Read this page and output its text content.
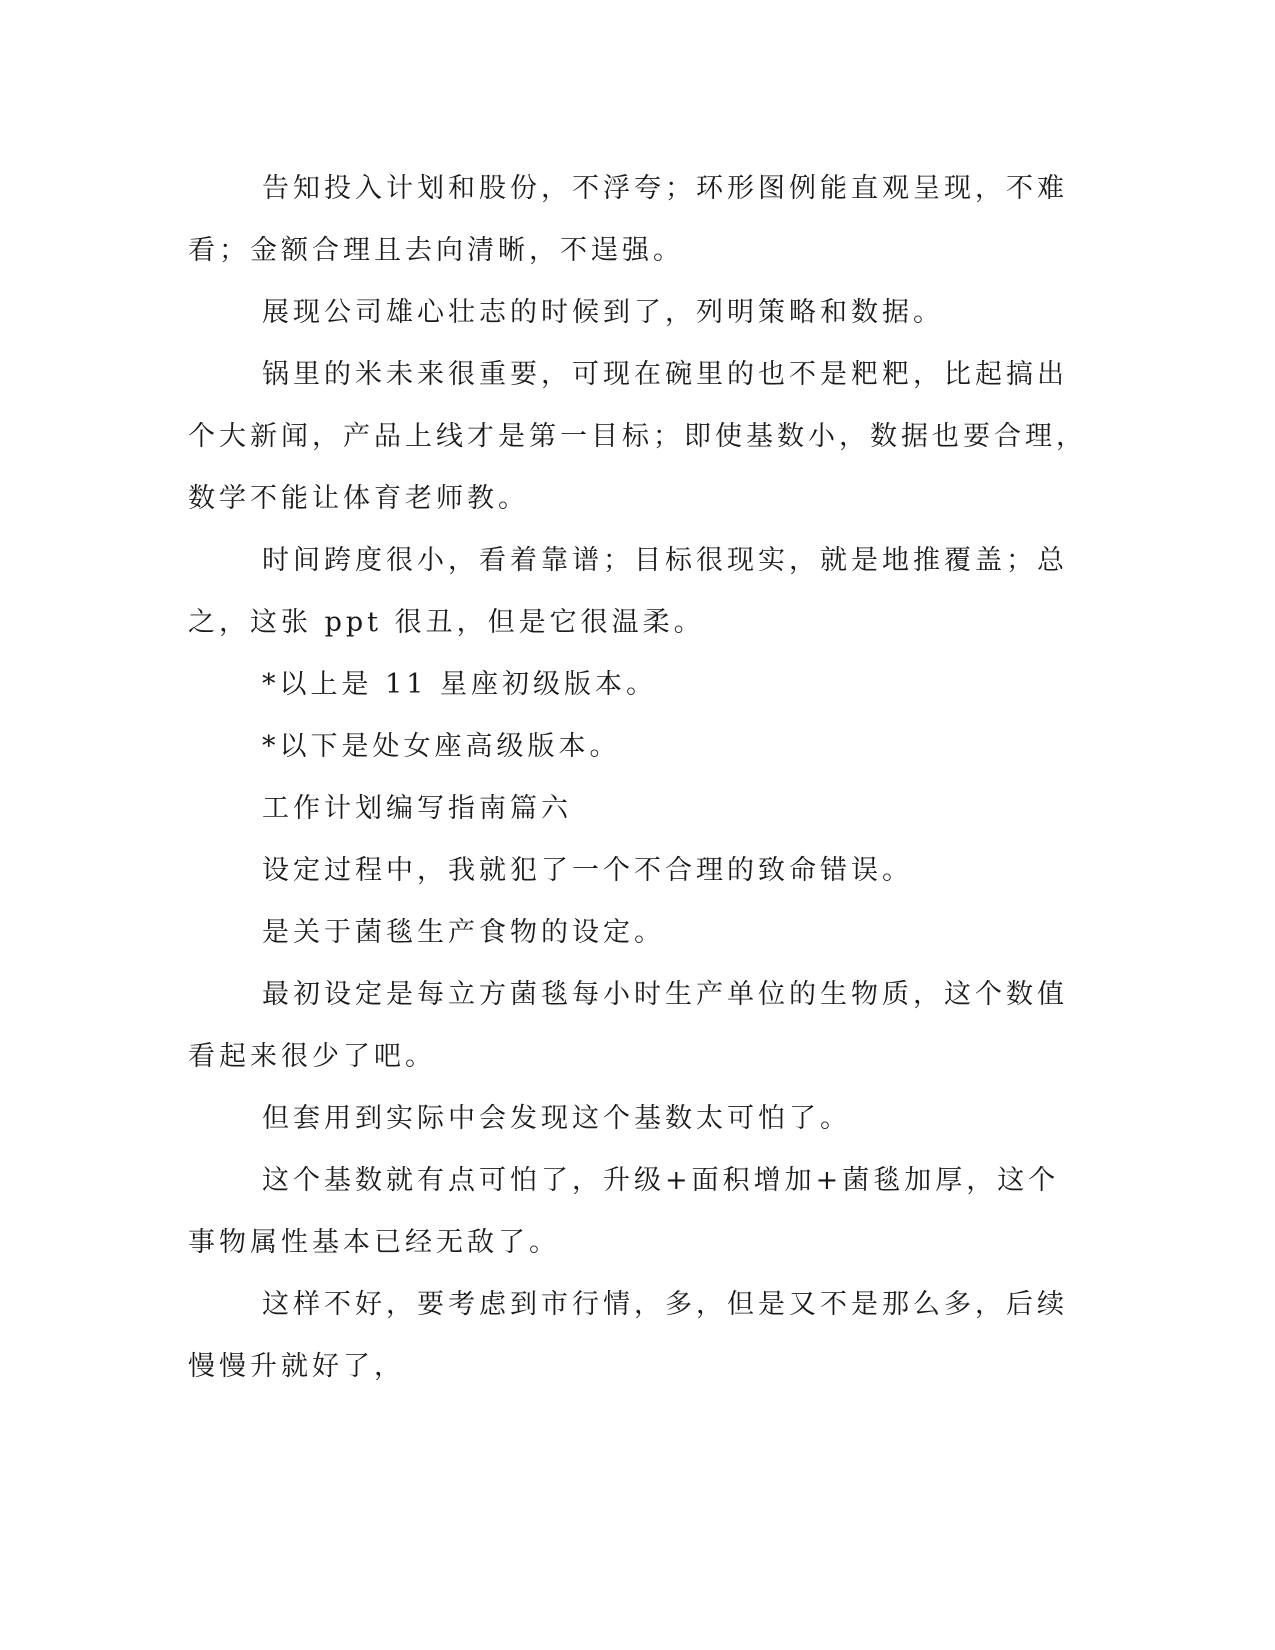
告知投入计划和股份，不浮夸；环形图例能直观呈现，不难看；金额合理且去向清晰，不逞强。

展现公司雄心壮志的时候到了，列明策略和数据。

锅里的米未来很重要，可现在碗里的也不是粑粑，比起搞出个大新闻，产品上线才是第一目标；即使基数小，数据也要合理，数学不能让体育老师教。

时间跨度很小，看着靠谱；目标很现实，就是地推覆盖；总之，这张 ppt 很丑，但是它很温柔。

*以上是 11 星座初级版本。

*以下是处女座高级版本。

工作计划编写指南篇六

设定过程中，我就犯了一个不合理的致命错误。

是关于菌毯生产食物的设定。

最初设定是每立方菌毯每小时生产单位的生物质，这个数值看起来很少了吧。

但套用到实际中会发现这个基数太可怕了。

这个基数就有点可怕了，升级+面积增加+菌毯加厚，这个事物属性基本已经无敌了。

这样不好，要考虑到市行情，多，但是又不是那么多，后续慢慢升就好了，
